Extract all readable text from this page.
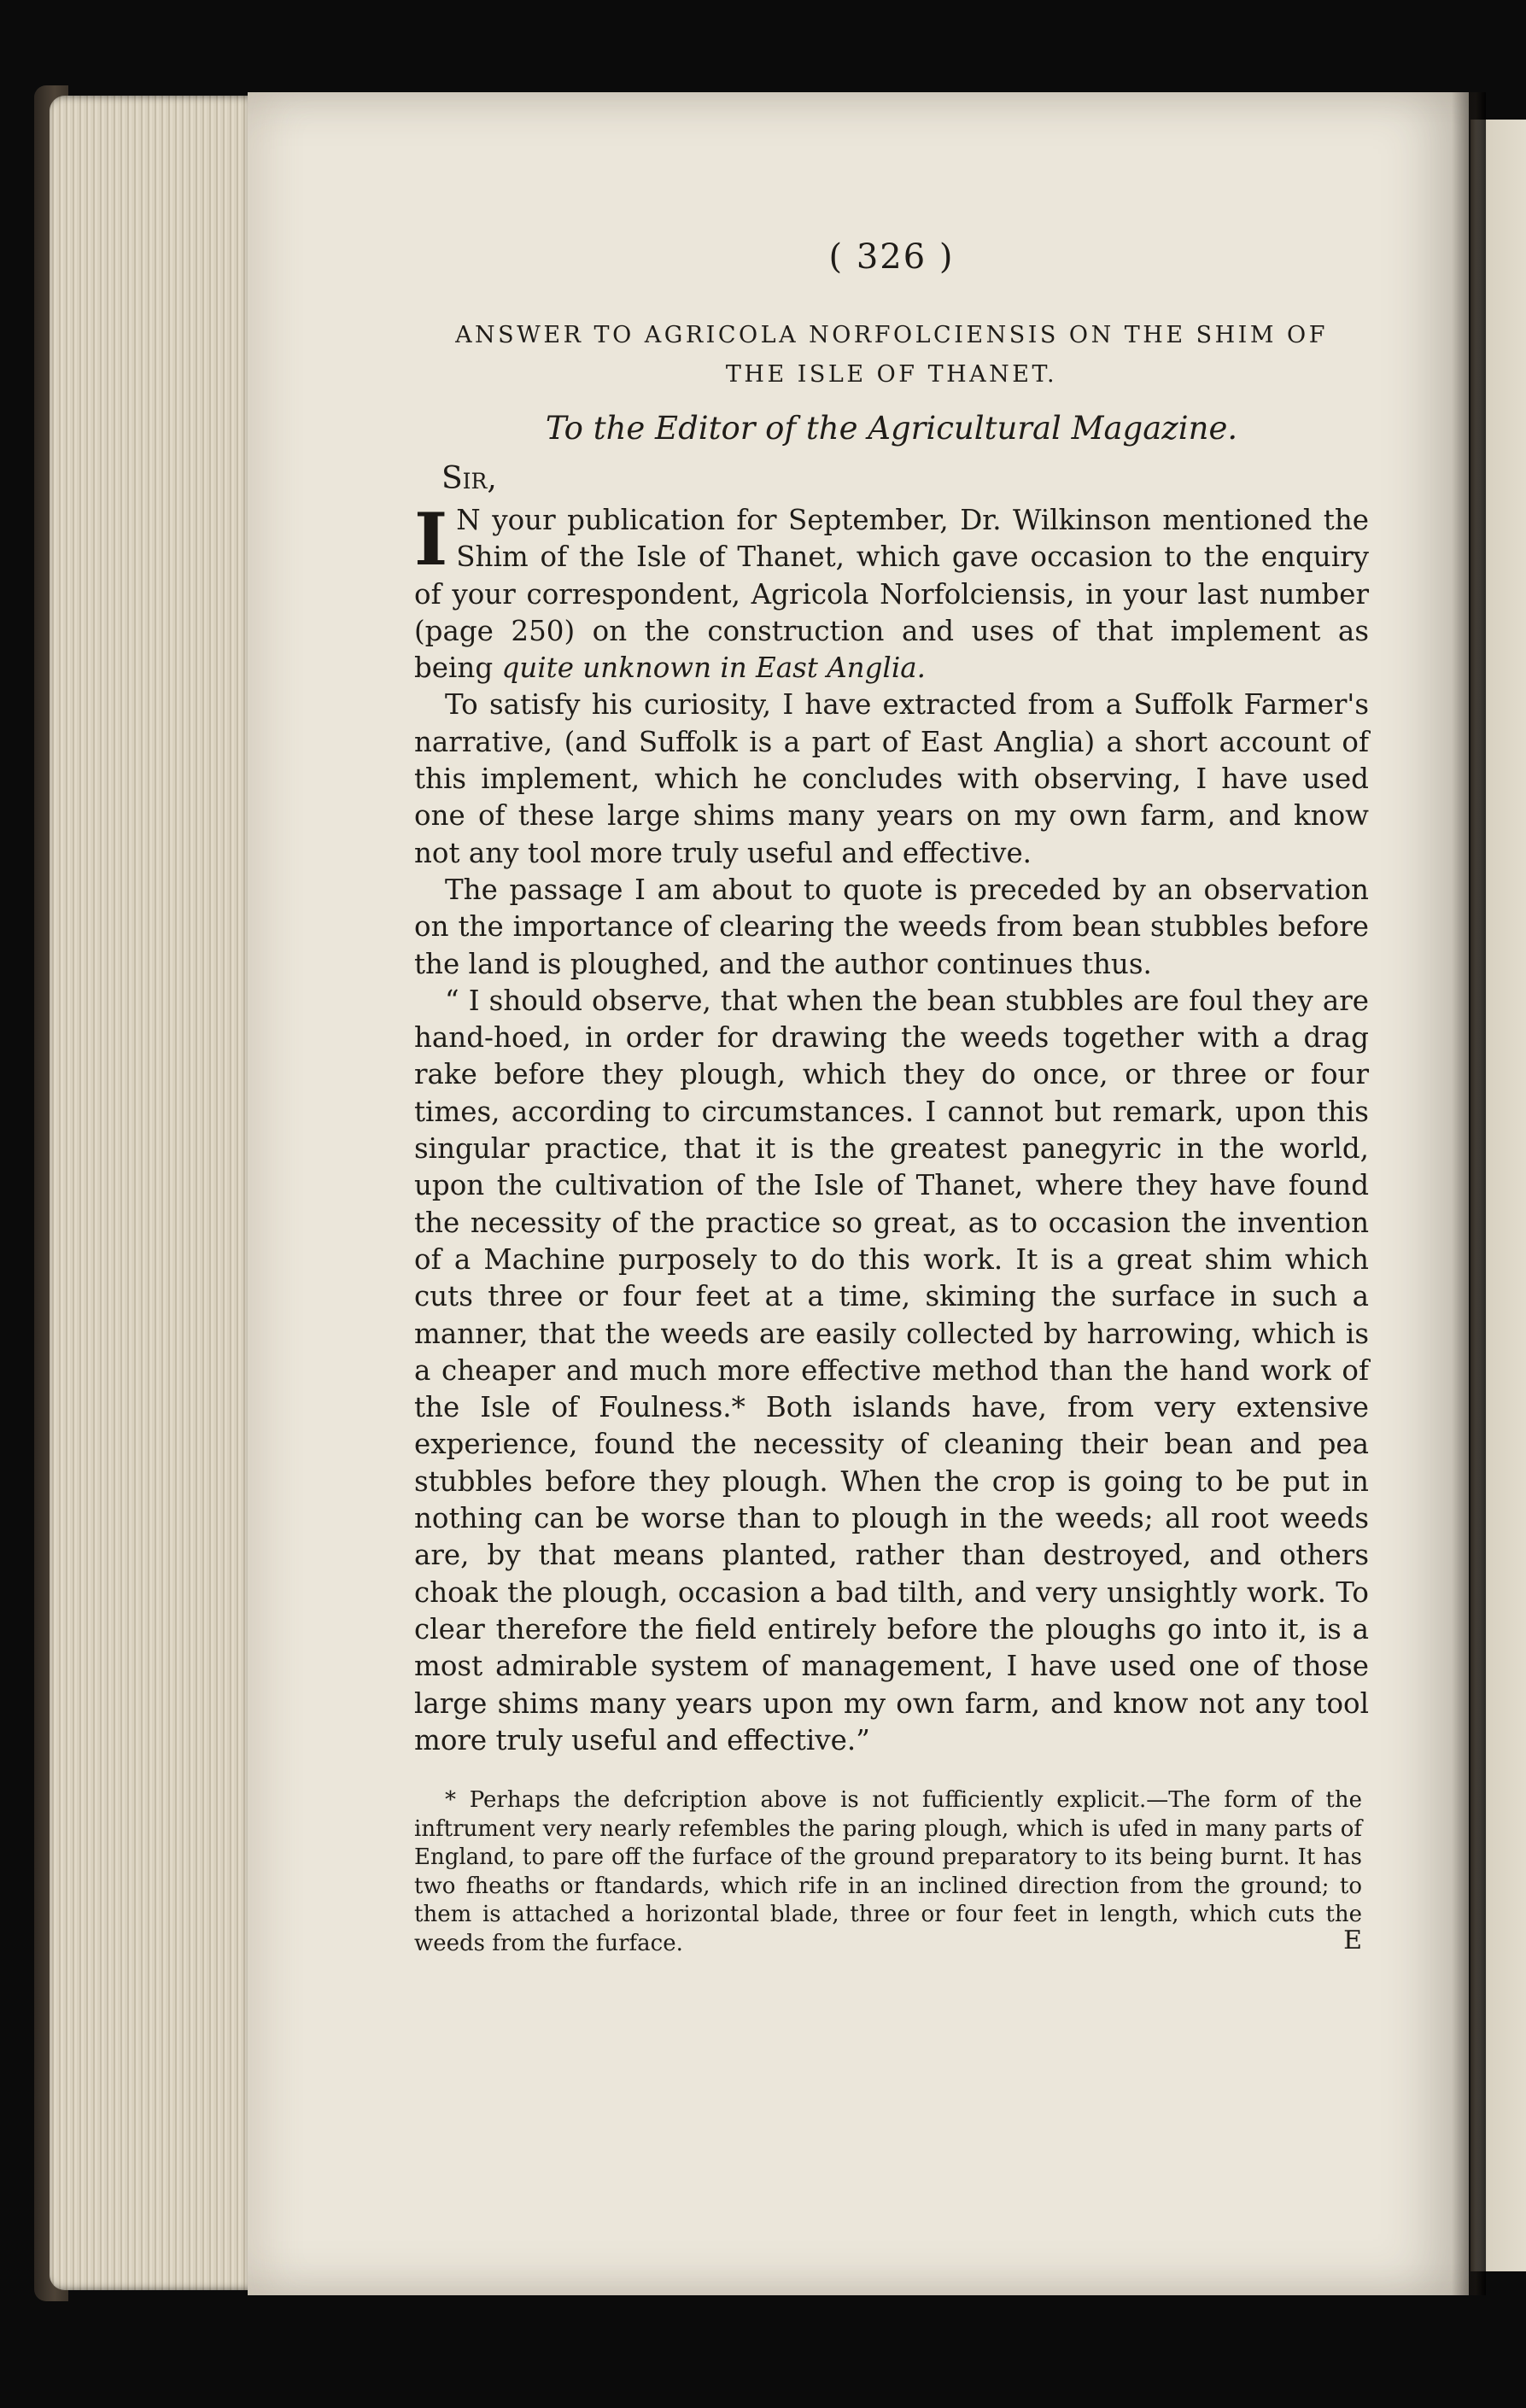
( 326 )
ANSWER TO AGRICOLA NORFOLCIENSIS ON THE SHIM OF
THE ISLE OF THANET.
To the Editor of the Agricultural Magazine.
Sir,

I N your publication for September, Dr. Wilkinson mentioned the Shim of the Isle of Thanet, which gave occasion to the enquiry of your correspondent, Agricola Norfolciensis, in your last number (page 250) on the construction and uses of that implement as being quite unknown in East Anglia.

To satisfy his curiosity, I have extracted from a Suffolk Farmer's narrative, (and Suffolk is a part of East Anglia) a short account of this implement, which he concludes with observing, I have used one of these large shims many years on my own farm, and know not any tool more truly useful and effective.

The passage I am about to quote is preceded by an observation on the importance of clearing the weeds from bean stubbles before the land is ploughed, and the author continues thus.

“ I should observe, that when the bean stubbles are foul they are hand-hoed, in order for drawing the weeds together with a drag rake before they plough, which they do once, or three or four times, according to circumstances. I cannot but remark, upon this singular practice, that it is the greatest panegyric in the world, upon the cultivation of the Isle of Thanet, where they have found the necessity of the practice so great, as to occasion the invention of a Machine purposely to do this work. It is a great shim which cuts three or four feet at a time, skiming the surface in such a manner, that the weeds are easily collected by harrowing, which is a cheaper and much more effective method than the hand work of the Isle of Foulness.* Both islands have, from very extensive experience, found the necessity of cleaning their bean and pea stubbles before they plough. When the crop is going to be put in nothing can be worse than to plough in the weeds; all root weeds are, by that means planted, rather than destroyed, and others choak the plough, occasion a bad tilth, and very unsightly work. To clear therefore the field entirely before the ploughs go into it, is a most admirable system of management, I have used one of those large shims many years upon my own farm, and know not any tool more truly useful and effective.”

* Perhaps the defcription above is not fufficiently explicit.—The form of the inftrument very nearly refembles the paring plough, which is ufed in many parts of England, to pare off the furface of the ground preparatory to its being burnt. It has two fheaths or ftandards, which rife in an inclined direction from the ground; to them is attached a horizontal blade, three or four feet in length, which cuts the weeds from the furface.	E
